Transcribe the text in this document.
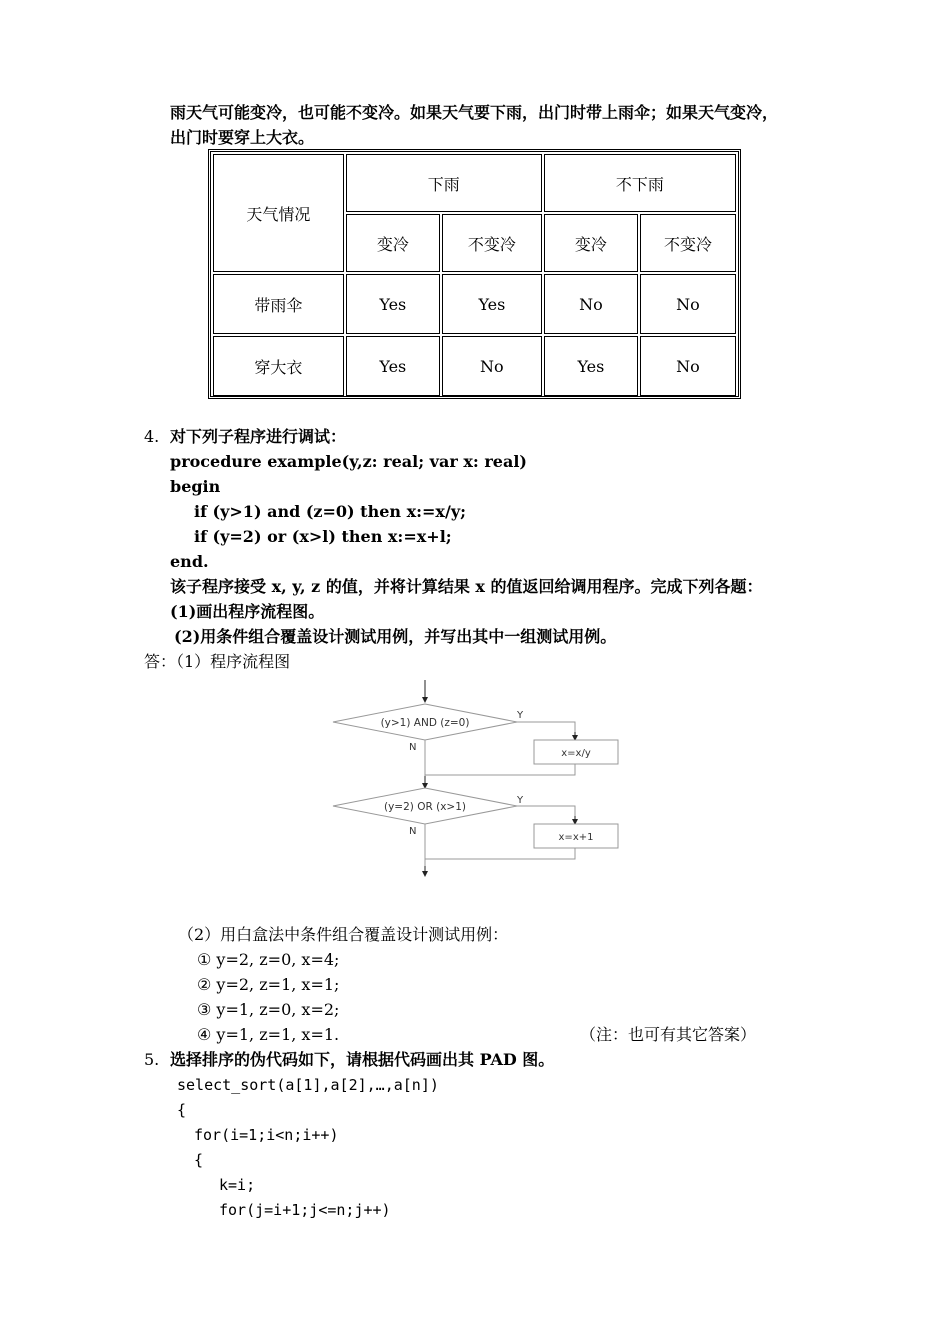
雨天气可能变冷，也可能不变冷。如果天气要下雨，出门时带上雨伞；如果天气变冷，
出门时要穿上大衣。
天气情况	下雨		不下雨	
	变冷	不变冷	变冷	不变冷
带雨伞	Yes	Yes	No	No
穿大衣	Yes	No	Yes	No
4. 对下列子程序进行调试：
procedure example(y,z: real; var x: real)
begin
if (y>1) and (z=0) then x:=x/y;
if (y=2) or (x>l) then x:=x+l;
end.
该子程序接受 x, y, z 的值，并将计算结果 x 的值返回给调用程序。完成下列各题：
(1)画出程序流程图。
(2)用条件组合覆盖设计测试用例，并写出其中一组测试用例。
答：（1）程序流程图
(y>1) AND (z=0)
(y=2) OR (x>1)
x=x/y
x=x+1
Y
Y
N
N
（2）用白盒法中条件组合覆盖设计测试用例：
① y=2, z=0, x=4;
② y=2, z=1, x=1;
③ y=1, z=0, x=2;
④ y=1, z=1, x=1.	（注：也可有其它答案）
5. 选择排序的伪代码如下，请根据代码画出其 PAD 图。
select_sort(a[1],a[2],…,a[n])
{
for(i=1;i<n;i++)
{
k=i;
for(j=i+1;j<=n;j++)
